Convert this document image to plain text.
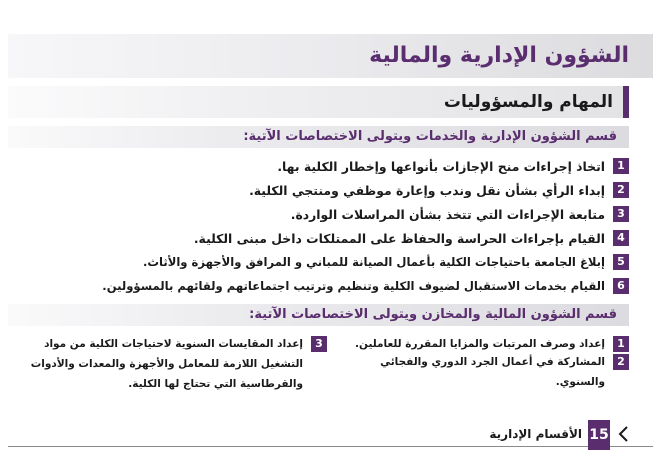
الشؤون الإدارية والمالية
المهام والمسؤوليات
قسم الشؤون الإدارية والخدمات ويتولى الاختصاصات الآتية:
1
اتخاذ إجراءات منح الإجازات بأنواعها وإخطار الكلية بها.
2
إبداء الرأي بشأن نقل وندب وإعارة موظفي ومنتجي الكلية.
3
متابعة الإجراءات التي تتخذ بشأن المراسلات الواردة.
4
القيام بإجراءات الحراسة والحفاظ على الممتلكات داخل مبنى الكلية.
5
إبلاغ الجامعة باحتياجات الكلية بأعمال الصيانة للمباني و المرافق والأجهزة والأثاث.
6
القيام بخدمات الاستقبال لضيوف الكلية وتنظيم وترتيب اجتماعاتهم ولقائهم بالمسؤولين.
قسم الشؤون المالية والمخازن ويتولى الاختصاصات الآتية:
1
إعداد وصرف المرتبات والمزايا المقررة للعاملين.
2
المشاركة في أعمال الجرد الدوري والفجائي
والسنوي.
3
إعداد المقايسات السنوية لاحتياجات الكلية من مواد
التشغيل اللازمة للمعامل والأجهزة والمعدات والأدوات
والقرطاسية التي تحتاج لها الكلية.
15
الأقسام الإدارية
